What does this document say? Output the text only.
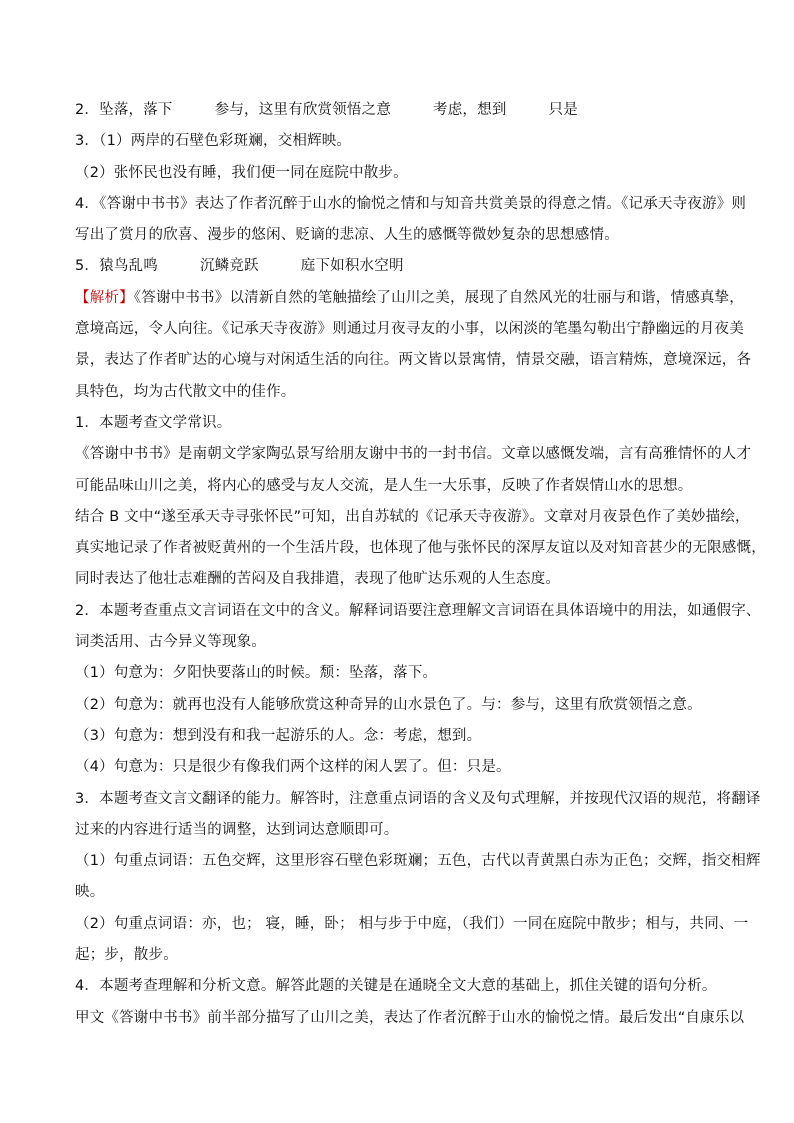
2．坠落，落下	参与，这里有欣赏领悟之意	考虑，想到	只是
3．（1）两岸的石壁色彩斑斓，交相辉映。
（2）张怀民也没有睡，我们便一同在庭院中散步。
4．《答谢中书书》表达了作者沉醉于山水的愉悦之情和与知音共赏美景的得意之情。《记承天寺夜游》则
写出了赏月的欣喜、漫步的悠闲、贬谪的悲凉、人生的感慨等微妙复杂的思想感情。
5．猿鸟乱鸣	沉鳞竞跃	庭下如积水空明
【解析】《答谢中书书》以清新自然的笔触描绘了山川之美，展现了自然风光的壮丽与和谐，情感真挚，
意境高远，令人向往。《记承天寺夜游》则通过月夜寻友的小事，以闲淡的笔墨勾勒出宁静幽远的月夜美
景，表达了作者旷达的心境与对闲适生活的向往。两文皆以景寓情，情景交融，语言精炼，意境深远，各
具特色，均为古代散文中的佳作。
1．本题考查文学常识。
《答谢中书书》是南朝文学家陶弘景写给朋友谢中书的一封书信。文章以感慨发端，言有高雅情怀的人才
可能品味山川之美，将内心的感受与友人交流，是人生一大乐事，反映了作者娱情山水的思想。
结合 B 文中“遂至承天寺寻张怀民”可知，出自苏轼的《记承天寺夜游》。文章对月夜景色作了美妙描绘，
真实地记录了作者被贬黄州的一个生活片段，也体现了他与张怀民的深厚友谊以及对知音甚少的无限感慨，
同时表达了他壮志难酬的苦闷及自我排遣，表现了他旷达乐观的人生态度。
2．本题考查重点文言词语在文中的含义。解释词语要注意理解文言词语在具体语境中的用法，如通假字、
词类活用、古今异义等现象。
（1）句意为：夕阳快要落山的时候。颓：坠落，落下。
（2）句意为：就再也没有人能够欣赏这种奇异的山水景色了。与：参与，这里有欣赏领悟之意。
（3）句意为：想到没有和我一起游乐的人。念：考虑，想到。
（4）句意为：只是很少有像我们两个这样的闲人罢了。但：只是。
3．本题考查文言文翻译的能力。解答时，注意重点词语的含义及句式理解，并按现代汉语的规范，将翻译
过来的内容进行适当的调整，达到词达意顺即可。
（1）句重点词语：五色交辉，这里形容石壁色彩斑斓；五色，古代以青黄黑白赤为正色；交辉，指交相辉
映。
（2）句重点词语：亦，也； 寝，睡，卧； 相与步于中庭，（我们）一同在庭院中散步；相与，共同、一
起；步，散步。
4．本题考查理解和分析文意。解答此题的关键是在通晓全文大意的基础上，抓住关键的语句分析。
甲文《答谢中书书》前半部分描写了山川之美，表达了作者沉醉于山水的愉悦之情。最后发出“自康乐以
